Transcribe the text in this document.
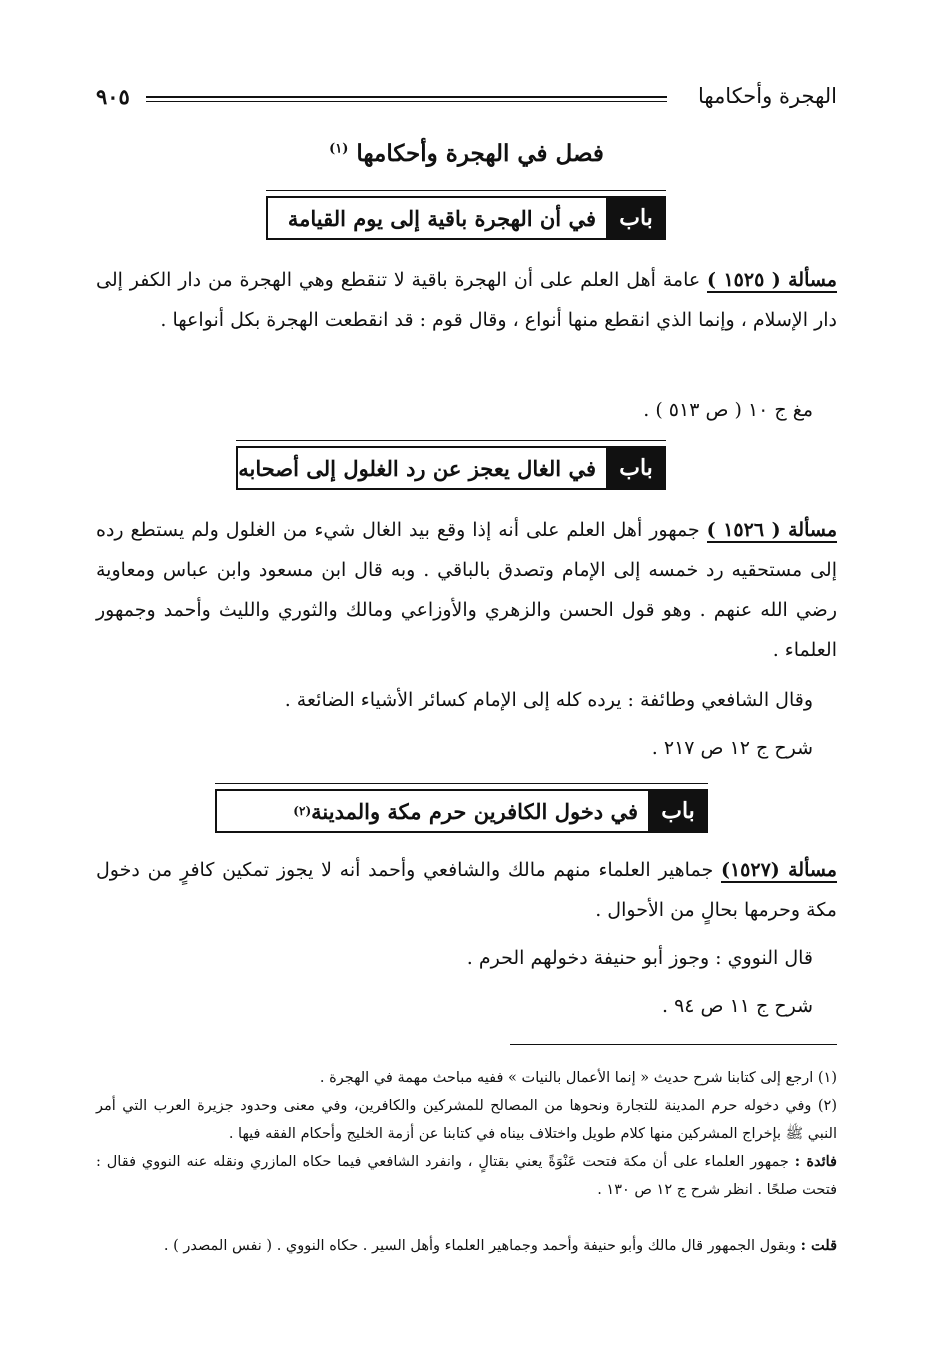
الهجرة وأحكامها
٩٠٥
فصل في الهجرة وأحكامها $^{(١)}$
باب
في أن الهجرة باقية إلى يوم القيامة
مسألة ( ١٥٢٥ ) عامة أهل العلم على أن الهجرة باقية لا تنقطع وهي الهجرة من دار الكفر إلى دار الإسلام ، وإنما الذي انقطع منها أنواع ، وقال قوم : قد انقطعت الهجرة بكل أنواعها .
مغ ج ١٠ ( ص ٥١٣ ) .
باب
في الغال يعجز عن رد الغلول إلى أصحابه
مسألة ( ١٥٢٦ ) جمهور أهل العلم على أنه إذا وقع بيد الغال شيء من الغلول ولم يستطع رده إلى مستحقيه رد خمسه إلى الإمام وتصدق بالباقي . وبه قال ابن مسعود وابن عباس ومعاوية رضي الله عنهم . وهو قول الحسن والزهري والأوزاعي ومالك والثوري والليث وأحمد وجمهور العلماء .
وقال الشافعي وطائفة : يرده كله إلى الإمام كسائر الأشياء الضائعة .
شرح ج ١٢ ص ٢١٧ .
باب
في دخول الكافرين حرم مكة والمدينة
(٢)
مسألة (١٥٢٧) جماهير العلماء منهم مالك والشافعي وأحمد أنه لا يجوز تمكين كافرٍ من دخول مكة وحرمها بحالٍ من الأحوال .
قال النووي : وجوز أبو حنيفة دخولهم الحرم .
شرح ج ١١ ص ٩٤ .
(١) ارجع إلى كتابنا شرح حديث « إنما الأعمال بالنيات » ففيه مباحث مهمة في الهجرة .
(٢) وفي دخوله حرم المدينة للتجارة ونحوها من المصالح للمشركين والكافرين، وفي معنى وحدود جزيرة العرب التي أمر النبي ﷺ بإخراج المشركين منها كلام طويل واختلاف بيناه في كتابنا عن أزمة الخليج وأحكام الفقه فيها .
فائدة : جمهور العلماء على أن مكة فتحت عَنْوَةً يعني بقتالٍ ، وانفرد الشافعي فيما حكاه المازري ونقله عنه النووي فقال : فتحت صلحًا . انظر شرح ج ١٢ ص ١٣٠ .
قلت : وبقول الجمهور قال مالك وأبو حنيفة وأحمد وجماهير العلماء وأهل السير . حكاه النووي . ( نفس المصدر ) .
